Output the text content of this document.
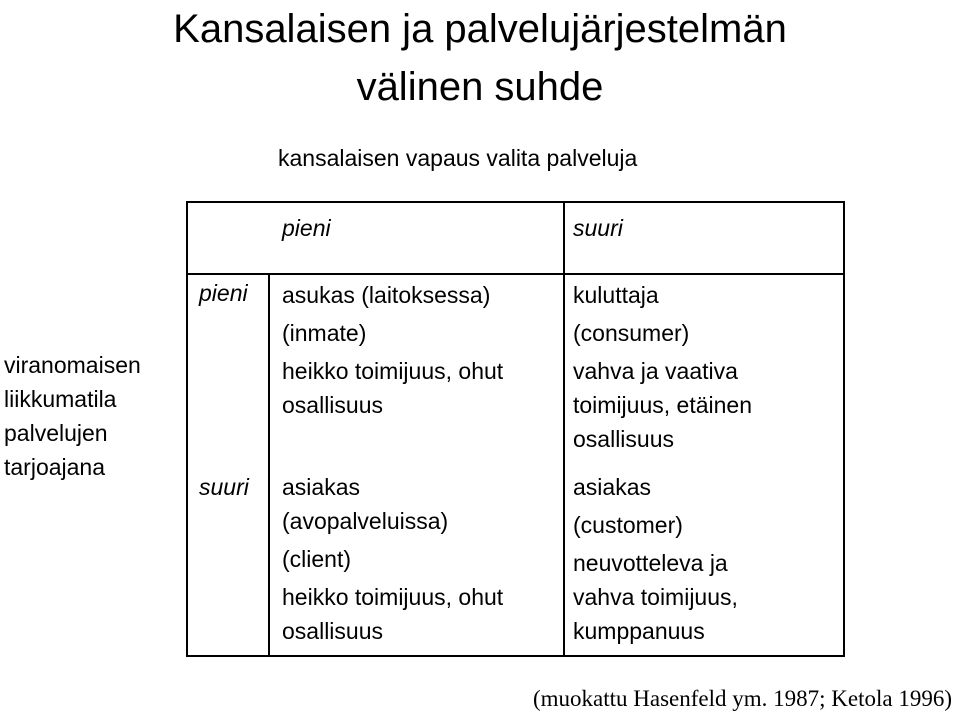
Kansalaisen ja palvelujärjestelmän
välinen suhde
kansalaisen vapaus valita palveluja
viranomaisen
liikkumatila
palvelujen
tarjoajana
pieni	suuri
pieni
suuri
asukas (laitoksessa)
(inmate)
heikko toimijuus, ohut
osallisuus
kuluttaja
(consumer)
vahva ja vaativa
toimijuus, etäinen
osallisuus
asiakas
(avopalveluissa)
(client)
heikko toimijuus, ohut
osallisuus
asiakas
(customer)
neuvotteleva ja
vahva toimijuus,
kumppanuus
(muokattu Hasenfeld ym. 1987; Ketola 1996)
